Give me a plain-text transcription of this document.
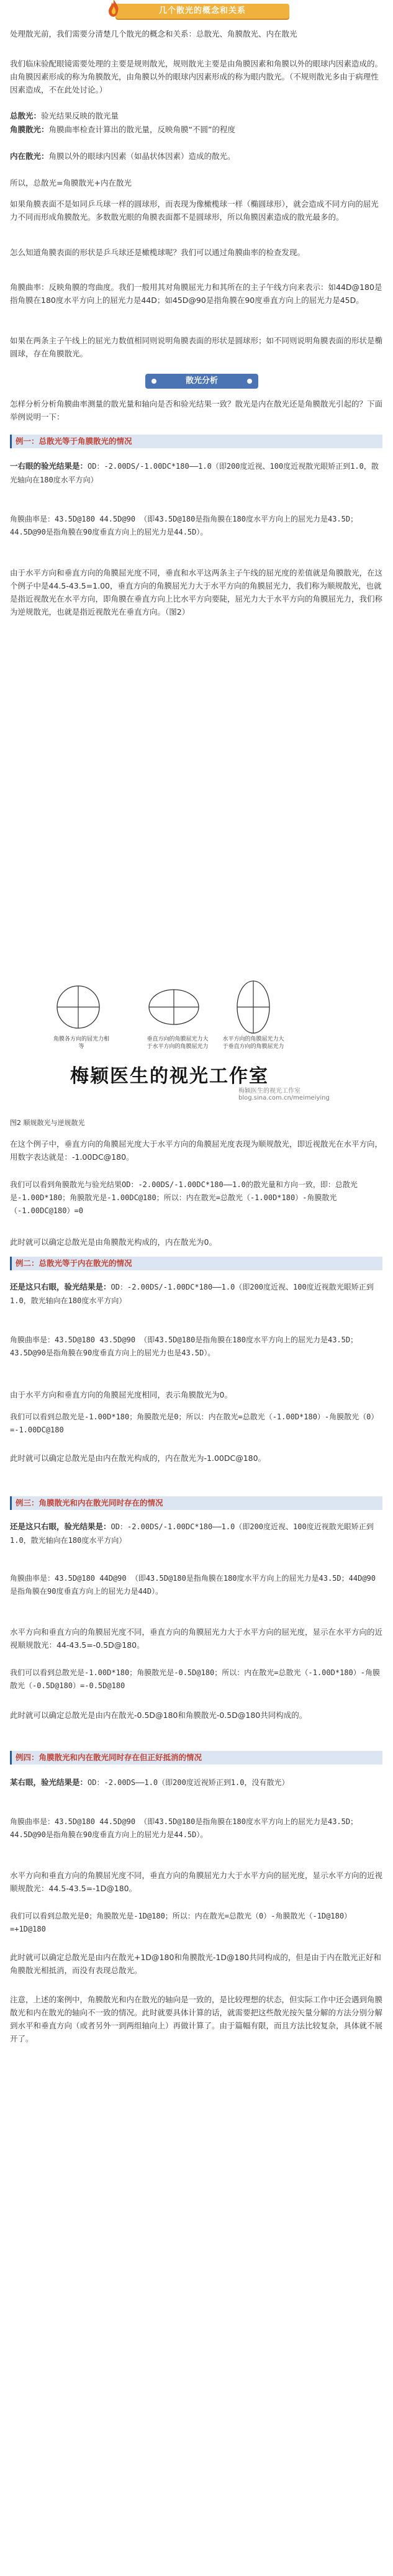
几个散光的概念和关系
处理散光前，我们需要分清楚几个散光的概念和关系：总散光、角膜散光、内在散光
我们临床验配眼镜需要处理的主要是规则散光，规则散光主要是由角膜因素和角膜以外的眼球内因素造成的。由角膜因素形成的称为角膜散光，由角膜以外的眼球内因素形成的称为眼内散光。（不规则散光多由于病理性因素造成，不在此处讨论。）
总散光：验光结果反映的散光量
角膜散光：角膜曲率检查计算出的散光量，反映角膜“不圆”的程度
内在散光：角膜以外的眼球内因素（如晶状体因素）造成的散光。
所以，总散光=角膜散光+内在散光
如果角膜表面不是如同乒乓球一样的圆球形，而表现为像橄榄球一样（椭圆球形），就会造成不同方向的屈光力不同而形成角膜散光。多数散光眼的角膜表面都不是圆球形，所以角膜因素造成的散光最多的。
怎么知道角膜表面的形状是乒乓球还是橄榄球呢？我们可以通过角膜曲率的检查发现。
角膜曲率：反映角膜的弯曲度。我们一般用其对角膜屈光力和其所在的主子午线方向来表示：如44D@180是指角膜在180度水平方向上的屈光力是44D；如45D@90是指角膜在90度垂直方向上的屈光力是45D。
如果在两条主子午线上的屈光力数值相同则说明角膜表面的形状是圆球形；如不同则说明角膜表面的形状是椭圆球，存在角膜散光。
散光分析
怎样分析分析角膜曲率测量的散光量和轴向是否和验光结果一致？散光是内在散光还是角膜散光引起的？下面举例说明一下：
例一：总散光等于角膜散光的情况
一右眼的验光结果是：OD：-2.00DS/-1.00DC*180——1.0（即200度近视、100度近视散光眼矫正到1.0，散光轴向在180度水平方向）
角膜曲率是：43.5D@180 44.5D@90 （即43.5D@180是指角膜在180度水平方向上的屈光力是43.5D；44.5D@90是指角膜在90度垂直方向上的屈光力是44.5D）。
由于水平方向和垂直方向的角膜屈光度不同，垂直和水平这两条主子午线的屈光度的差值就是角膜散光，在这个例子中是44.5-43.5=1.00，垂直方向的角膜屈光力大于水平方向的角膜屈光力，我们称为顺规散光，也就是指近视散光在水平方向，即角膜在垂直方向上比水平方向要陡，屈光力大于水平方向的角膜屈光力，我们称为逆规散光，也就是指近视散光在垂直方向。（图2）
角膜各方向的屈光力相等
垂直方向的角膜屈光力大于水平方向的角膜屈光力
水平方向的角膜屈光力大于垂直方向的角膜屈光力
梅颖医生的视光工作室
梅颖医生的视光工作室 blog.sina.com.cn/meimeiying
图2 顺规散光与逆规散光
在这个例子中，垂直方向的角膜屈光度大于水平方向的角膜屈光度表现为顺规散光，即近视散光在水平方向，用数字表达就是：-1.00DC@180。
我们可以看到角膜散光与验光结果OD：-2.00DS/-1.00DC*180——1.0的散光量和方向一致，即：总散光是-1.00D*180；角膜散光是-1.00DC@180；所以：内在散光=总散光（-1.00D*180）-角膜散光（-1.00DC@180）=0
此时就可以确定总散光是由角膜散光构成的，内在散光为0。
例二：总散光等于内在散光的情况
还是这只右眼，验光结果是：OD：-2.00DS/-1.00DC*180——1.0（即200度近视、100度近视散光眼矫正到1.0，散光轴向在180度水平方向）
角膜曲率是：43.5D@180 43.5D@90 （即43.5D@180是指角膜在180度水平方向上的屈光力是43.5D；43.5D@90是指角膜在90度垂直方向上的屈光力也是43.5D）。
由于水平方向和垂直方向的角膜屈光度相同，表示角膜散光为0。
我们可以看到总散光是-1.00D*180；角膜散光是0；所以：内在散光=总散光（-1.00D*180）-角膜散光（0）=-1.00DC@180
此时就可以确定总散光是由内在散光构成的，内在散光为-1.00DC@180。
例三：角膜散光和内在散光同时存在的情况
还是这只右眼，验光结果是：OD：-2.00DS/-1.00DC*180——1.0（即200度近视、100度近视散光眼矫正到1.0，散光轴向在180度水平方向）
角膜曲率是：43.5D@180 44D@90 （即43.5D@180是指角膜在180度水平方向上的屈光力是43.5D；44D@90是指角膜在90度垂直方向上的屈光力是44D）。
水平方向和垂直方向的角膜屈光度不同，垂直方向的角膜屈光力大于水平方向的屈光度，显示在水平方向的近视顺规散光：44-43.5=-0.5D@180。
我们可以看到总散光是-1.00D*180；角膜散光是-0.5D@180；所以：内在散光=总散光（-1.00D*180）-角膜散光（-0.5D@180）=-0.5D@180
此时就可以确定总散光是由内在散光-0.5D@180和角膜散光-0.5D@180共同构成的。
例四：角膜散光和内在散光同时存在但正好抵消的情况
某右眼，验光结果是：OD：-2.00DS——1.0（即200度近视矫正到1.0，没有散光）
角膜曲率是：43.5D@180 44.5D@90 （即43.5D@180是指角膜在180度水平方向上的屈光力是43.5D；44.5D@90是指角膜在90度垂直方向上的屈光力是44.5D）。
水平方向和垂直方向的角膜屈光度不同，垂直方向的角膜屈光力大于水平方向的屈光度，显示水平方向的近视顺规散光：44.5-43.5=-1D@180。
我们可以看到总散光是0；角膜散光是-1D@180；所以：内在散光=总散光（0）-角膜散光（-1D@180）=+1D@180
此时就可以确定总散光是由内在散光+1D@180和角膜散光-1D@180共同构成的，但是由于内在散光正好和角膜散光相抵消，而没有表现总散光。
注意，上述的案例中，角膜散光和内在散光的轴向是一致的，是比较理想的状态，但实际工作中还会遇到角膜散光和内在散光的轴向不一致的情况。此时就要具体计算的话，就需要把这些散光按矢量分解的方法分别分解到水平和垂直方向（或者另外一到两组轴向上）再做计算了。由于篇幅有限，而且方法比较复杂，具体就不展开了。
